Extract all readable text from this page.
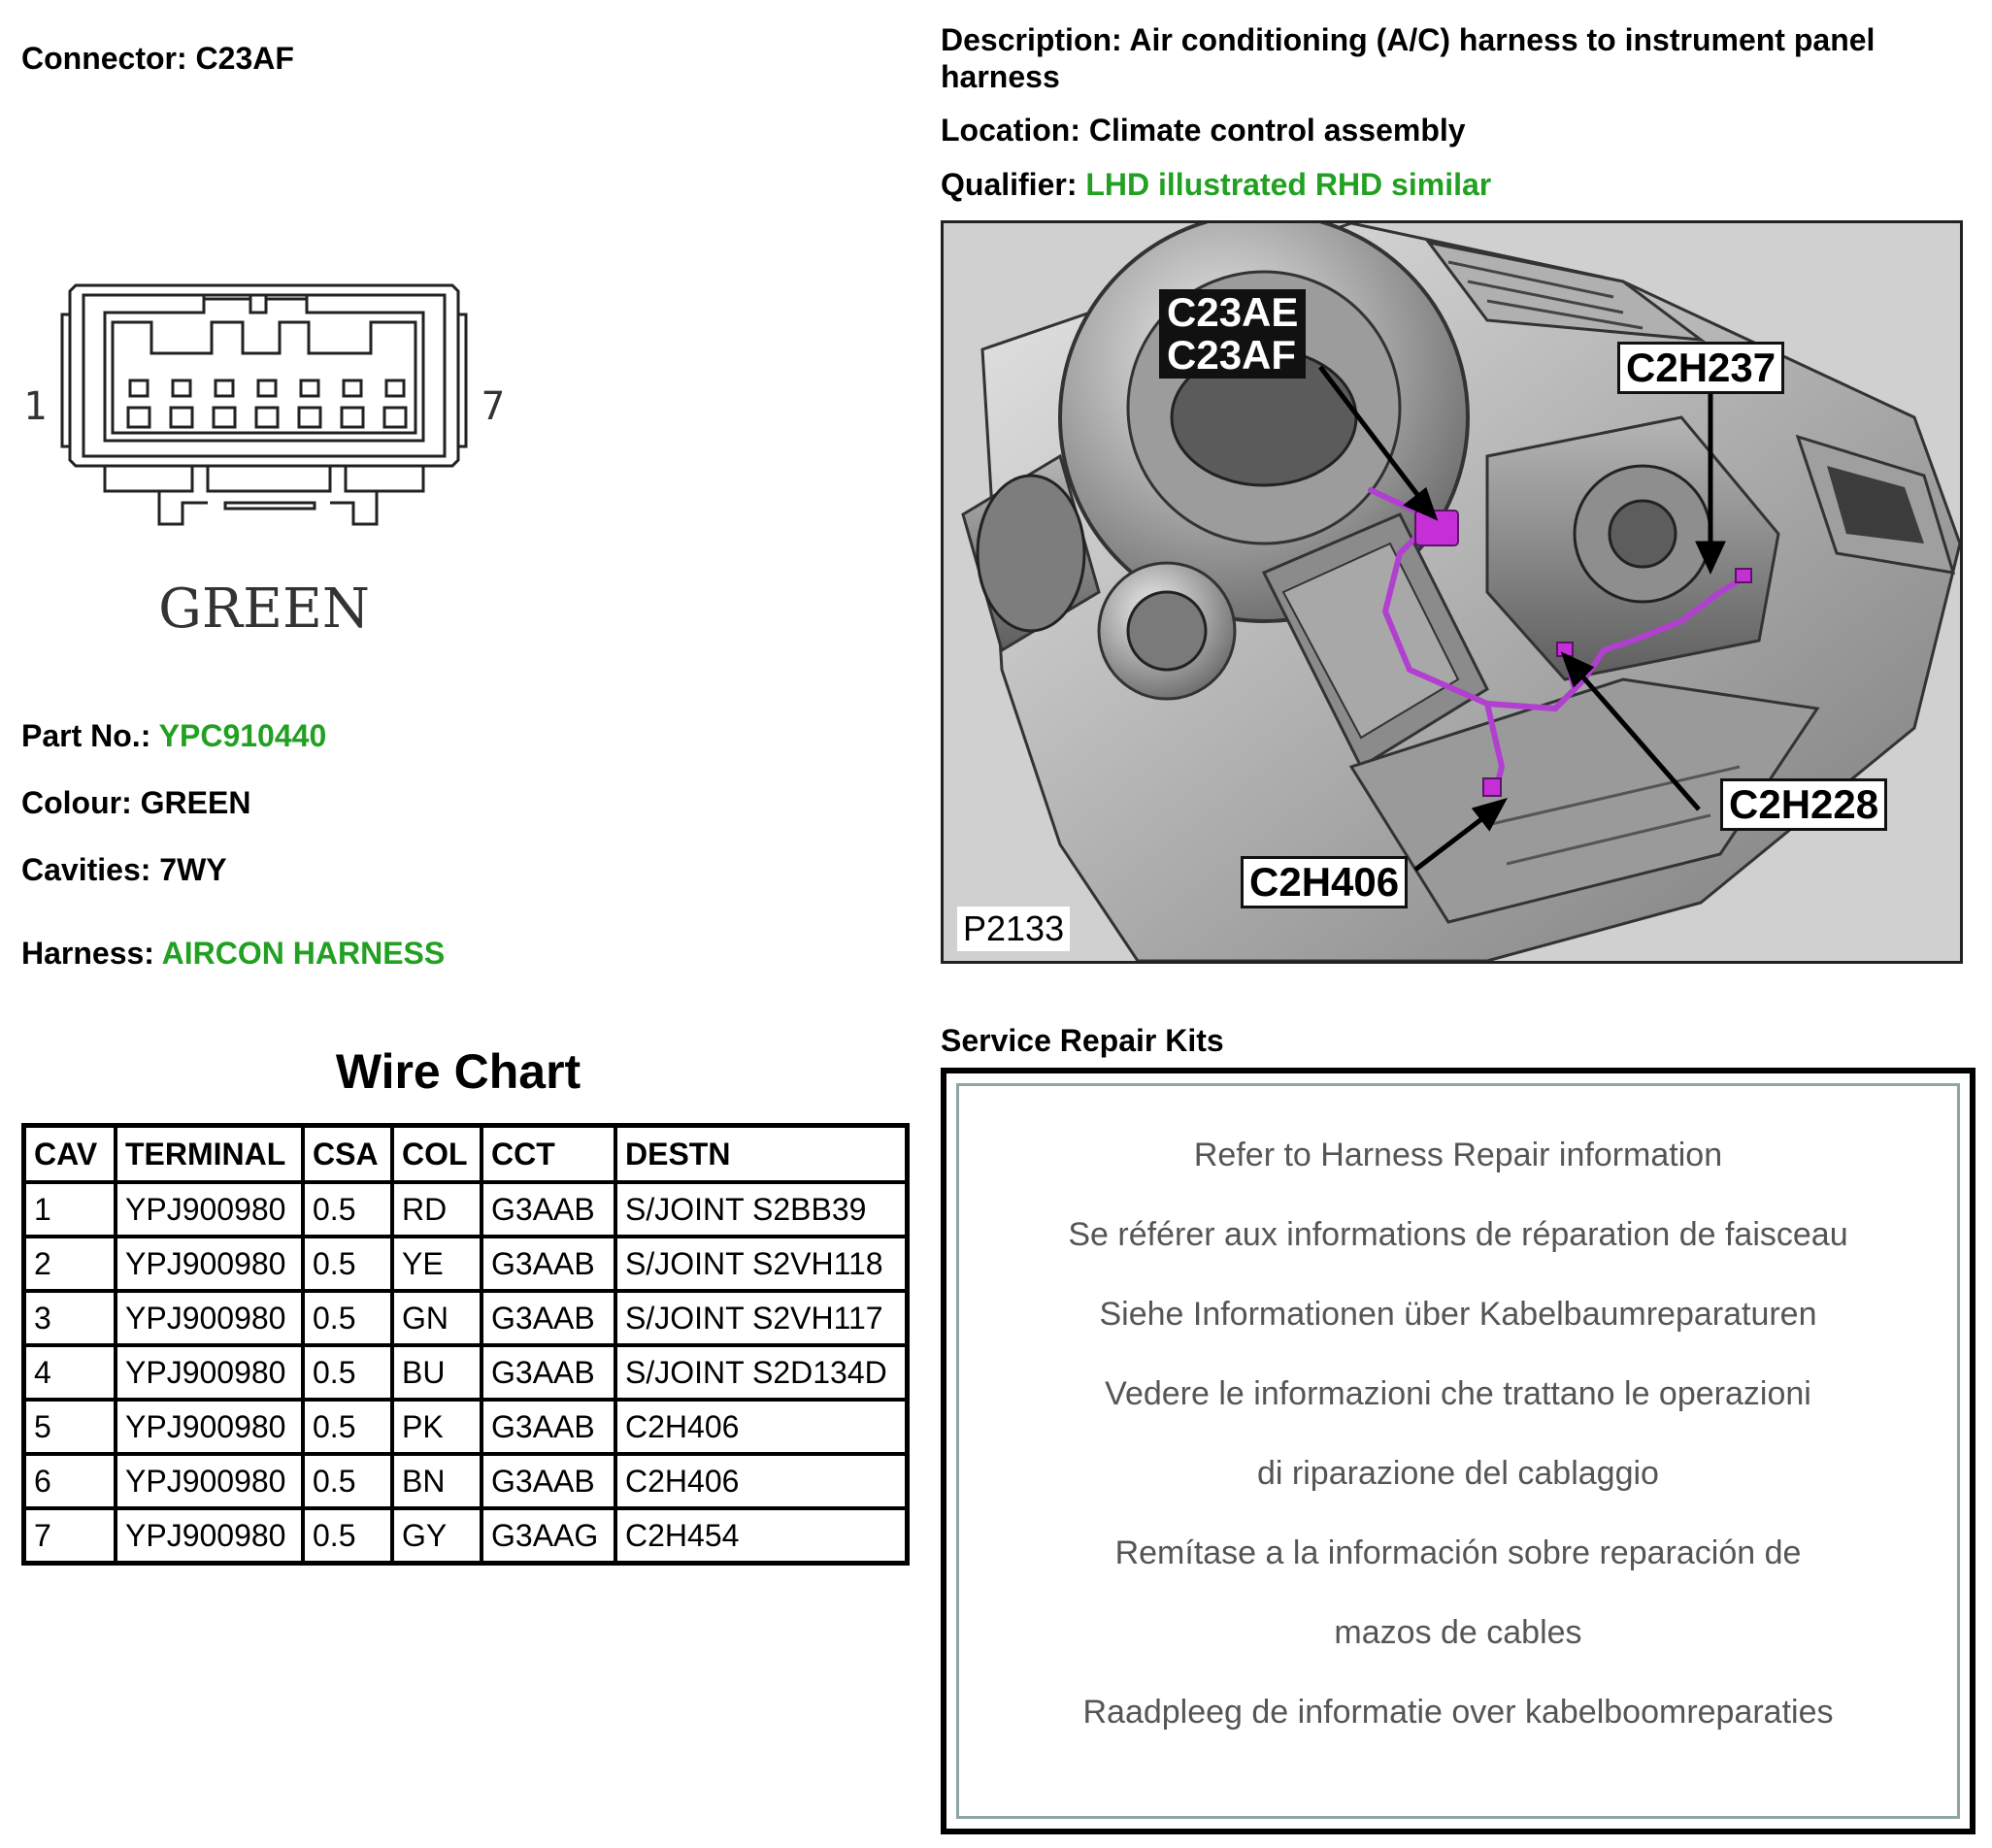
Connector: C23AF
Description: Air conditioning (A/C) harness to instrument panel harness
Location: Climate control assembly
Qualifier: LHD illustrated RHD similar
1	7
GREEN
Part No.: YPC910440
Colour: GREEN
Cavities: 7WY
Harness: AIRCON HARNESS
Wire Chart
CAV	TERMINAL	CSA	COL	CCT	DESTN
1	YPJ900980	0.5	RD	G3AAB	S/JOINT S2BB39
2	YPJ900980	0.5	YE	G3AAB	S/JOINT S2VH118
3	YPJ900980	0.5	GN	G3AAB	S/JOINT S2VH117
4	YPJ900980	0.5	BU	G3AAB	S/JOINT S2D134D
5	YPJ900980	0.5	PK	G3AAB	C2H406
6	YPJ900980	0.5	BN	G3AAB	C2H406
7	YPJ900980	0.5	GY	G3AAG	C2H454
C23AE
C23AF	C2H237
C2H228
C2H406
P2133
Service Repair Kits
Refer to Harness Repair information
Se référer aux informations de réparation de faisceau
Siehe Informationen über Kabelbaumreparaturen
Vedere le informazioni che trattano le operazioni
di riparazione del cablaggio
Remítase a la información sobre reparación de
mazos de cables
Raadpleeg de informatie over kabelboomreparaties
